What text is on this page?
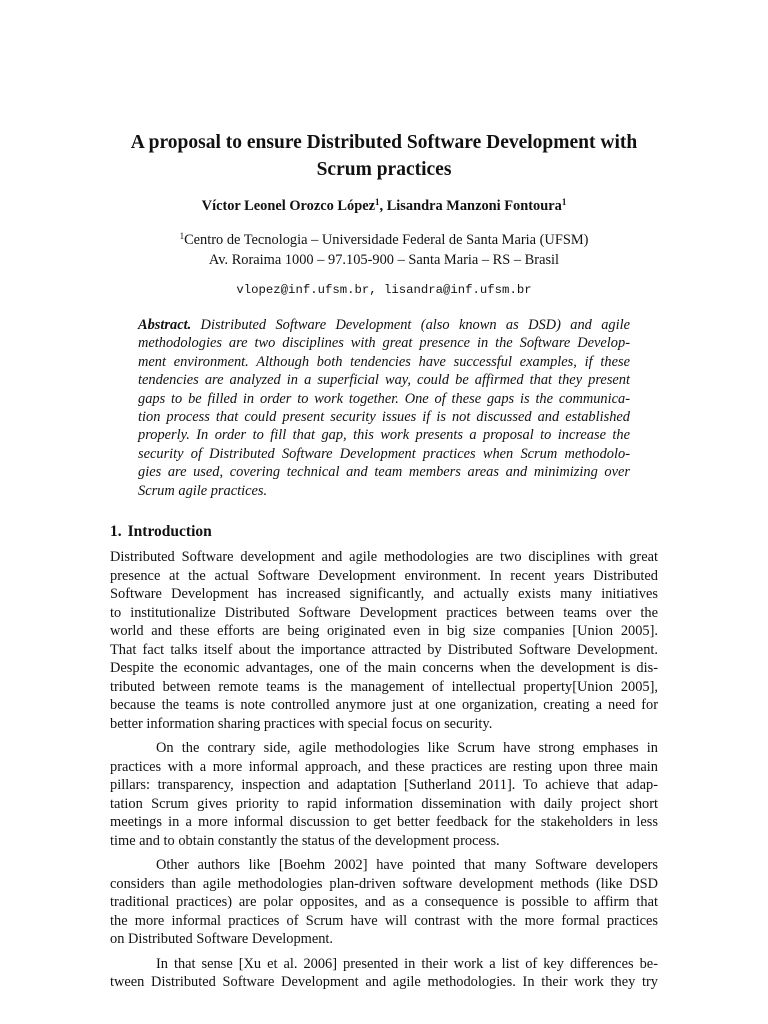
A proposal to ensure Distributed Software Development with
Scrum practices
Víctor Leonel Orozco López$^1$, Lisandra Manzoni Fontoura$^1$
$^1$Centro de Tecnologia – Universidade Federal de Santa Maria (UFSM)
Av. Roraima 1000 – 97.105-900 – Santa Maria – RS – Brasil
vlopez@inf.ufsm.br, lisandra@inf.ufsm.br
Abstract. Distributed Software Development (also known as DSD) and agile
methodologies are two disciplines with great presence in the Software Develop-
ment environment. Although both tendencies have successful examples, if these
tendencies are analyzed in a superficial way, could be affirmed that they present
gaps to be filled in order to work together. One of these gaps is the communica-
tion process that could present security issues if is not discussed and established
properly. In order to fill that gap, this work presents a proposal to increase the
security of Distributed Software Development practices when Scrum methodolo-
gies are used, covering technical and team members areas and minimizing over
Scrum agile practices.
1. Introduction
Distributed Software development and agile methodologies are two disciplines with great
presence at the actual Software Development environment. In recent years Distributed
Software Development has increased significantly, and actually exists many initiatives
to institutionalize Distributed Software Development practices between teams over the
world and these efforts are being originated even in big size companies [Union 2005].
That fact talks itself about the importance attracted by Distributed Software Development.
Despite the economic advantages, one of the main concerns when the development is dis-
tributed between remote teams is the management of intellectual property[Union 2005],
because the teams is note controlled anymore just at one organization, creating a need for
better information sharing practices with special focus on security.
On the contrary side, agile methodologies like Scrum have strong emphases in
practices with a more informal approach, and these practices are resting upon three main
pillars: transparency, inspection and adaptation [Sutherland 2011]. To achieve that adap-
tation Scrum gives priority to rapid information dissemination with daily project short
meetings in a more informal discussion to get better feedback for the stakeholders in less
time and to obtain constantly the status of the development process.
Other authors like [Boehm 2002] have pointed that many Software developers
considers than agile methodologies plan-driven software development methods (like DSD
traditional practices) are polar opposites, and as a consequence is possible to affirm that
the more informal practices of Scrum have will contrast with the more formal practices
on Distributed Software Development.
In that sense [Xu et al. 2006] presented in their work a list of key differences be-
tween Distributed Software Development and agile methodologies. In their work they try
